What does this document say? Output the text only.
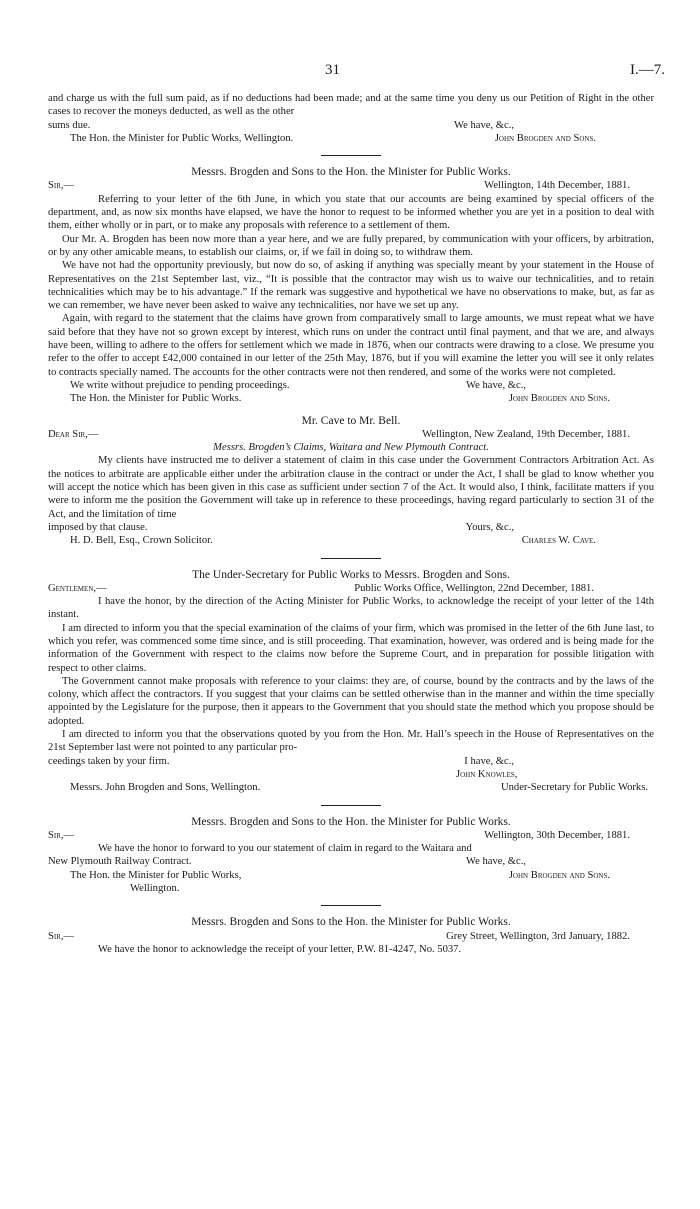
31	I.—7.

and charge us with the full sum paid, as if no deductions had been made; and at the same time you deny us our Petition of Right in the other cases to recover the moneys deducted, as well as the other

sums due.	We have, &c.,
The Hon. the Minister for Public Works, Wellington.	John Brogden and Sons.
Messrs. Brogden and Sons to the Hon. the Minister for Public Works.
Sir,—	Wellington, 14th December, 1881.

Referring to your letter of the 6th June, in which you state that our accounts are being examined by special officers of the department, and, as now six months have elapsed, we have the honor to request to be informed whether you are yet in a position to deal with them, either wholly or in part, or to make any proposals with reference to a settlement of them.

Our Mr. A. Brogden has been now more than a year here, and we are fully prepared, by communication with your officers, by arbitration, or by any other amicable means, to establish our claims, or, if we fail in doing so, to withdraw them.

We have not had the opportunity previously, but now do so, of asking if anything was specially meant by your statement in the House of Representatives on the 21st September last, viz., “It is possible that the contractor may wish us to waive our technicalities, and to retain technicalities which may be to his advantage.” If the remark was suggestive and hypothetical we have no observations to make, but, as far as we can remember, we have never been asked to waive any technicalities, nor have we set up any.

Again, with regard to the statement that the claims have grown from comparatively small to large amounts, we must repeat what we have said before that they have not so grown except by interest, which runs on under the contract until final payment, and that we are, and always have been, willing to adhere to the offers for settlement which we made in 1876, when our contracts were drawing to a close. We presume you refer to the offer to accept £42,000 contained in our letter of the 25th May, 1876, but if you will examine the letter you will see it only relates to contracts specially named. The accounts for the other contracts were not then rendered, and some of the works were not completed.

We write without prejudice to pending proceedings.	We have, &c.,
The Hon. the Minister for Public Works.	John Brogden and Sons.
Mr. Cave to Mr. Bell.
Dear Sir,—	Wellington, New Zealand, 19th December, 1881.
Messrs. Brogden’s Claims, Waitara and New Plymouth Contract.

My clients have instructed me to deliver a statement of claim in this case under the Government Contractors Arbitration Act. As the notices to arbitrate are applicable either under the arbitration clause in the contract or under the Act, I shall be glad to know whether you will accept the notice which has been given in this case as sufficient under section 7 of the Act. It would also, I think, facilitate matters if you were to inform me the position the Government will take up in reference to these proceedings, having regard particularly to section 31 of the Act, and the limitation of time

imposed by that clause.	Yours, &c.,
H. D. Bell, Esq., Crown Solicitor.	Charles W. Cave.
The Under-Secretary for Public Works to Messrs. Brogden and Sons.
Gentlemen,—	Public Works Office, Wellington, 22nd December, 1881.

I have the honor, by the direction of the Acting Minister for Public Works, to acknowledge the receipt of your letter of the 14th instant.

I am directed to inform you that the special examination of the claims of your firm, which was promised in the letter of the 6th June last, to which you refer, was commenced some time since, and is still proceeding. That examination, however, was ordered and is being made for the information of the Government with respect to the claims now before the Supreme Court, and in preparation for possible litigation with respect to other claims.

The Government cannot make proposals with reference to your claims: they are, of course, bound by the contracts and by the laws of the colony, which affect the contractors. If you suggest that your claims can be settled otherwise than in the manner and within the time specially appointed by the Legislature for the purpose, then it appears to the Government that you should state the method which you propose should be adopted.

I am directed to inform you that the observations quoted by you from the Hon. Mr. Hall’s speech in the House of Representatives on the 21st September last were not pointed to any particular pro-

ceedings taken by your firm.	I have, &c.,
John Knowles,
Messrs. John Brogden and Sons, Wellington.	Under-Secretary for Public Works.
Messrs. Brogden and Sons to the Hon. the Minister for Public Works.
Sir,—	Wellington, 30th December, 1881.

We have the honor to forward to you our statement of claim in regard to the Waitara and

New Plymouth Railway Contract.	We have, &c.,
The Hon. the Minister for Public Works,	John Brogden and Sons.
Wellington.
Messrs. Brogden and Sons to the Hon. the Minister for Public Works.
Sir,—	Grey Street, Wellington, 3rd January, 1882.

We have the honor to acknowledge the receipt of your letter, P.W. 81-4247, No. 5037.
